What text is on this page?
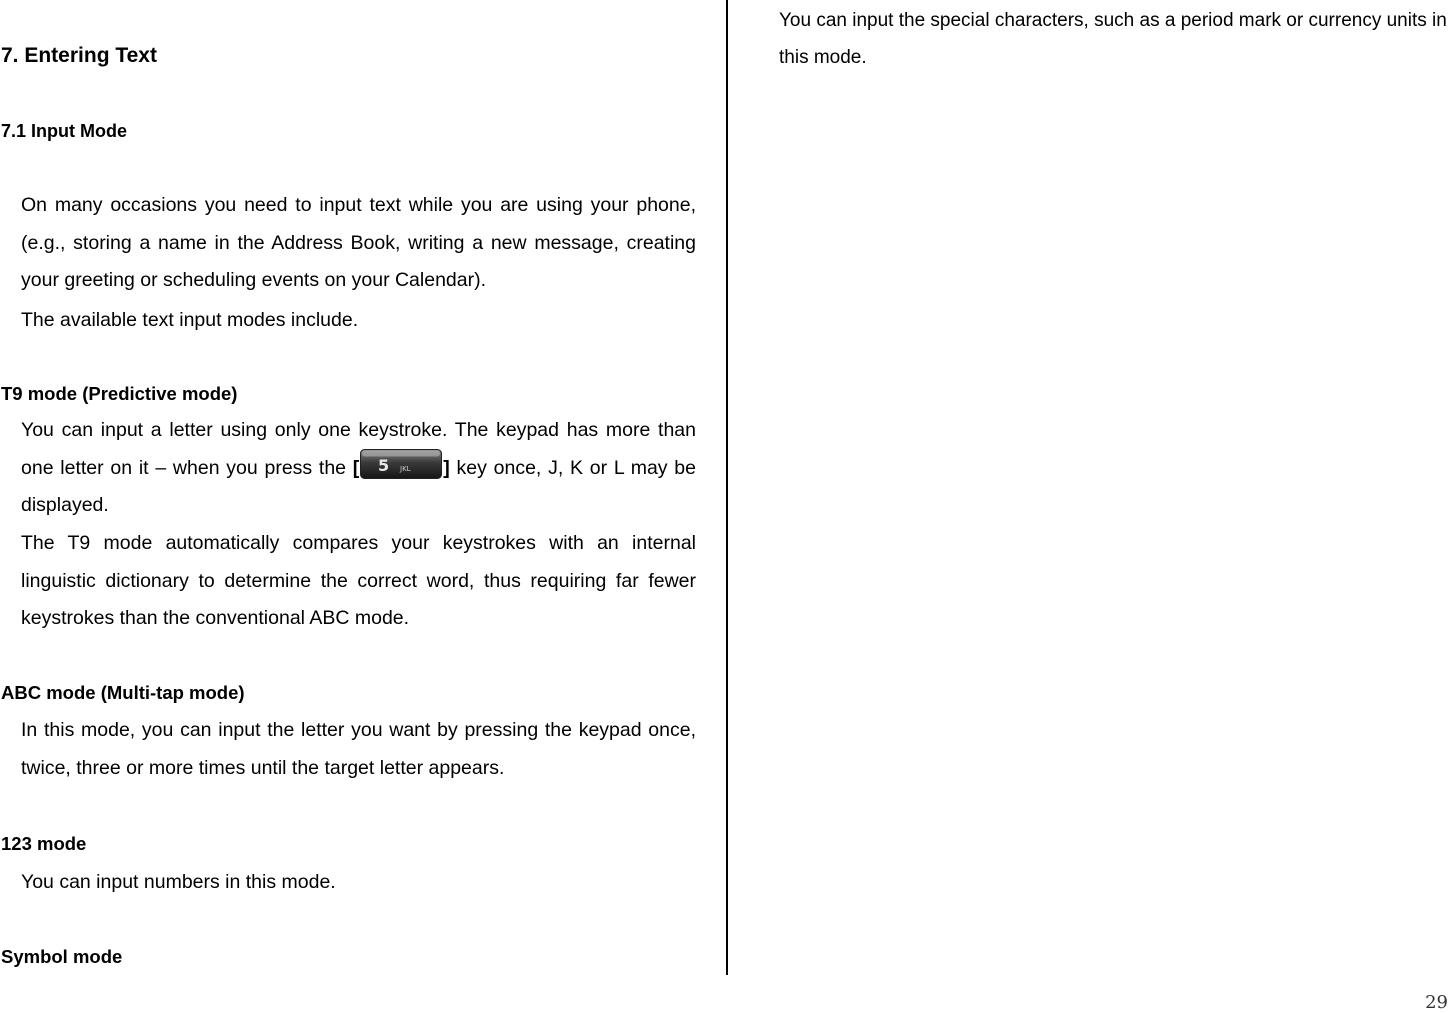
7. Entering Text
7.1 Input Mode

On many occasions you need to input text while you are using your phone, (e.g., storing a name in the Address Book, writing a new message, creating your greeting or scheduling events on your Calendar).

The available text input modes include.

T9 mode (Predictive mode)

You can input a letter using only one keystroke. The keypad has more than one letter on it – when you press the [ 5 JKL ] key once, J, K or L may be displayed.

The T9 mode automatically compares your keystrokes with an internal linguistic dictionary to determine the correct word, thus requiring far fewer keystrokes than the conventional ABC mode.

ABC mode (Multi-tap mode)

In this mode, you can input the letter you want by pressing the keypad once, twice, three or more times until the target letter appears.

123 mode

You can input numbers in this mode.

Symbol mode

You can input the special characters, such as a period mark or currency units in this mode.

29
